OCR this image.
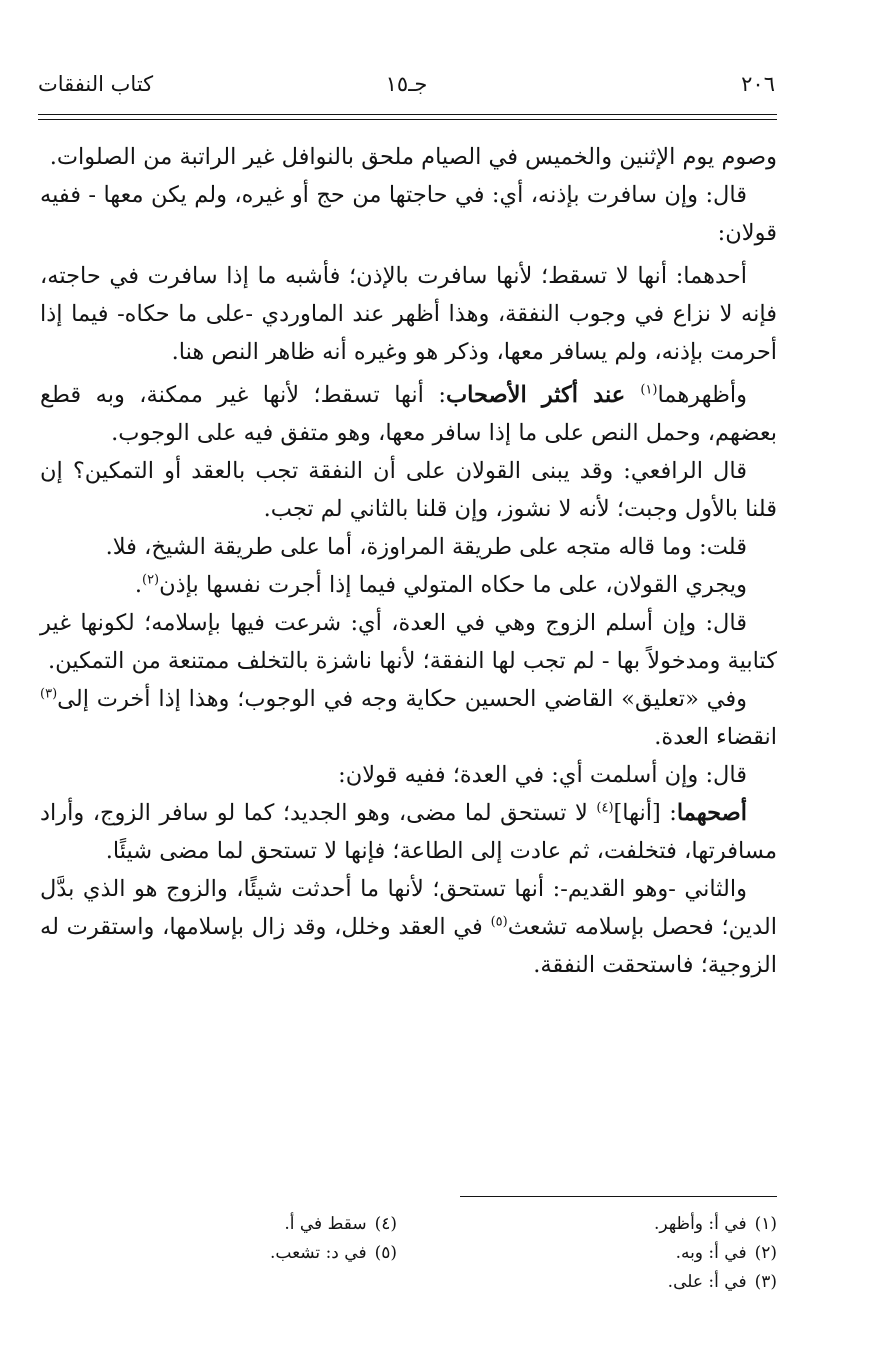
٢٠٦
جـ١٥
كتاب النفقات

وصوم يوم الإثنين والخميس في الصيام ملحق بالنوافل غير الراتبة من الصلوات.

قال: وإن سافرت بإذنه، أي: في حاجتها من حج أو غيره، ولم يكن معها - ففيه قولان:

أحدهما: أنها لا تسقط؛ لأنها سافرت بالإذن؛ فأشبه ما إذا سافرت في حاجته، فإنه لا نزاع في وجوب النفقة، وهذا أظهر عند الماوردي -على ما حكاه- فيما إذا أحرمت بإذنه، ولم يسافر معها، وذكر هو وغيره أنه ظاهر النص هنا.

وأظهرهما$^{(١)}$ عند أكثر الأصحاب: أنها تسقط؛ لأنها غير ممكنة، وبه قطع بعضهم، وحمل النص على ما إذا سافر معها، وهو متفق فيه على الوجوب.

قال الرافعي: وقد يبنى القولان على أن النفقة تجب بالعقد أو التمكين؟ إن قلنا بالأول وجبت؛ لأنه لا نشوز، وإن قلنا بالثاني لم تجب.

قلت: وما قاله متجه على طريقة المراوزة، أما على طريقة الشيخ، فلا.

ويجري القولان، على ما حكاه المتولي فيما إذا أجرت نفسها بإذن$^{(٢)}$.

قال: وإن أسلم الزوج وهي في العدة، أي: شرعت فيها بإسلامه؛ لكونها غير كتابية ومدخولاً بها - لم تجب لها النفقة؛ لأنها ناشزة بالتخلف ممتنعة من التمكين.

وفي «تعليق» القاضي الحسين حكاية وجه في الوجوب؛ وهذا إذا أخرت إلى$^{(٣)}$ انقضاء العدة.

قال: وإن أسلمت أي: في العدة؛ ففيه قولان:

أصحهما: [أنها]$^{(٤)}$ لا تستحق لما مضى، وهو الجديد؛ كما لو سافر الزوج، وأراد مسافرتها، فتخلفت، ثم عادت إلى الطاعة؛ فإنها لا تستحق لما مضى شيئًا.

والثاني -وهو القديم-: أنها تستحق؛ لأنها ما أحدثت شيئًا، والزوج هو الذي بدَّل الدين؛ فحصل بإسلامه تشعث$^{(٥)}$ في العقد وخلل، وقد زال بإسلامها، واستقرت له الزوجية؛ فاستحقت النفقة.

(١)في أ: وأظهر.
(٢)في أ: وبه.
(٣)في أ: على.
(٤)سقط في أ.
(٥)في د: تشعب.
